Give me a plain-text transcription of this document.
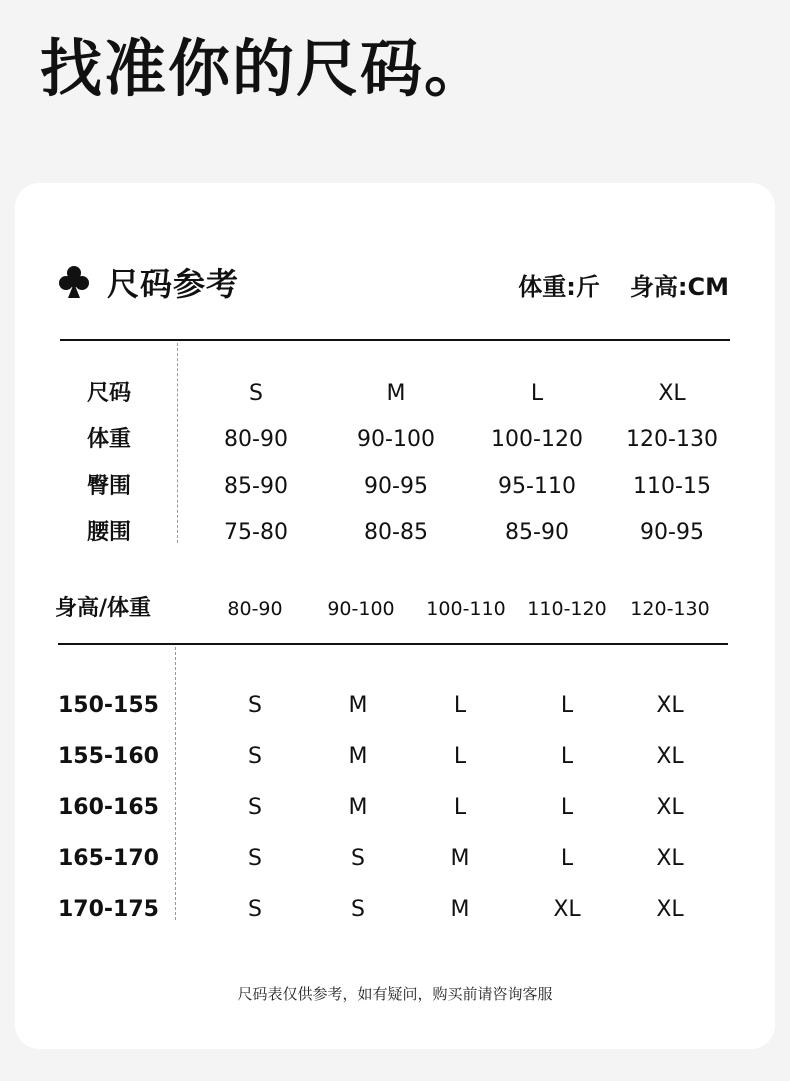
找准你的尺码。
尺码参考	体重:斤 身高:CM
尺码	S	M	L	XL
体重	80-90	90-100	100-120 120-130
臀围	85-90	90-95	95-110	110-15
腰围	75-80	80-85	85-90	90-95
身高/体重	80-90 90-100 100-110 110-120 120-130
150-155	S	M	L	L	XL
155-160	S	M	L	L	XL
160-165	S	M	L	L	XL
165-170	S	S	M	L	XL
170-175	S	S	M	XL	XL
尺码表仅供参考，如有疑问，购买前请咨询客服
